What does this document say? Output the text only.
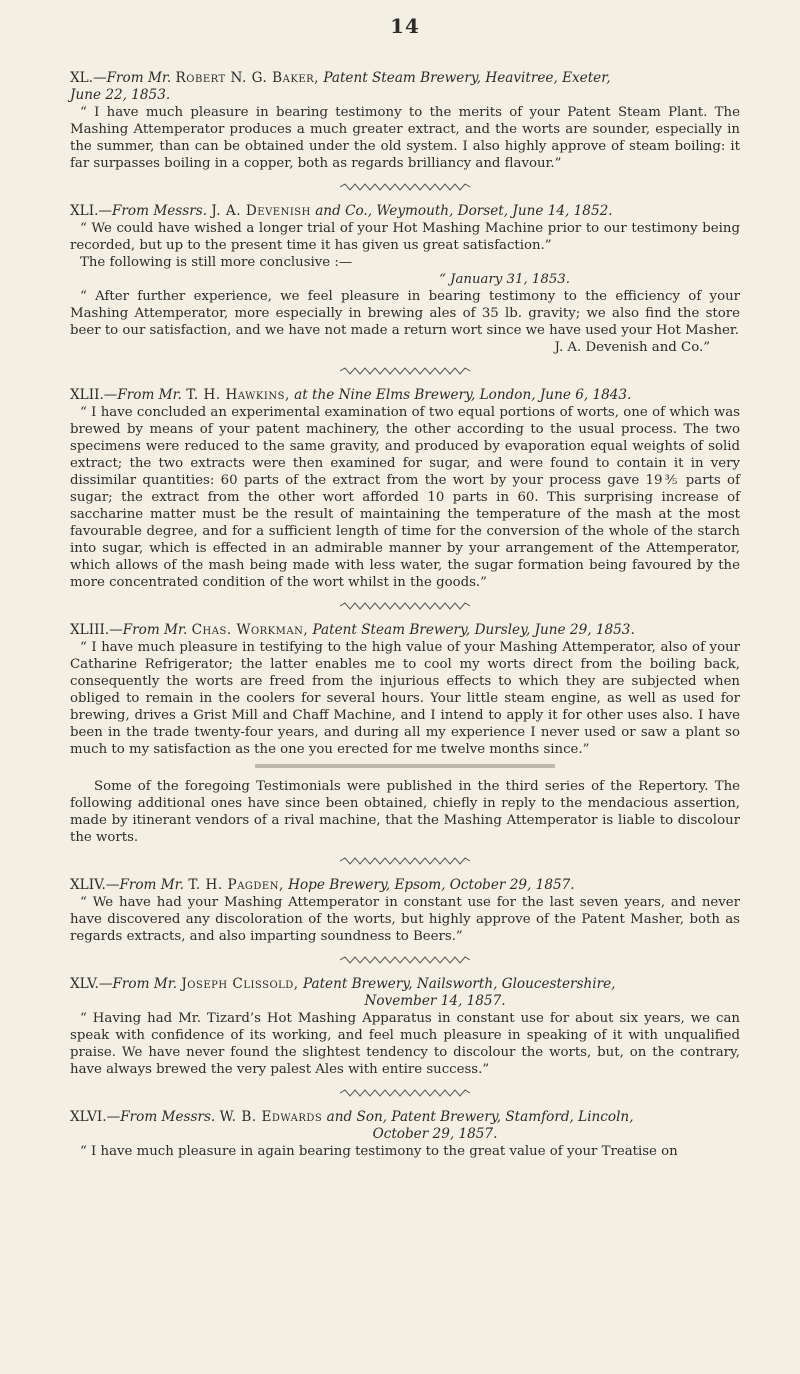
14

XL.—From Mr. Robert N. G. Baker, Patent Steam Brewery, Heavitree, Exeter,
June 22, 1853.

“ I have much pleasure in bearing testimony to the merits of your Patent Steam Plant. The Mashing Attemperator produces a much greater extract, and the worts are sounder, especially in the summer, than can be obtained under the old system. I also highly approve of steam boiling: it far surpasses boiling in a copper, both as regards brilliancy and flavour.”

XLI.—From Messrs. J. A. Devenish and Co., Weymouth, Dorset, June 14, 1852.

“ We could have wished a longer trial of your Hot Mashing Machine prior to our testimony being recorded, but up to the present time it has given us great satisfaction.”

The following is still more conclusive :—

“ January 31, 1853.

“ After further experience, we feel pleasure in bearing testimony to the efficiency of your Mashing Attemperator, more especially in brewing ales of 35 lb. gravity; we also find the store beer to our satisfaction, and we have not made a return wort since we have used your Hot Masher.

J. A. Devenish and Co.”

XLII.—From Mr. T. H. Hawkins, at the Nine Elms Brewery, London, June 6, 1843.

“ I have concluded an experimental examination of two equal portions of worts, one of which was brewed by means of your patent machinery, the other according to the usual process. The two specimens were reduced to the same gravity, and produced by evaporation equal weights of solid extract; the two extracts were then examined for sugar, and were found to contain it in very dissimilar quantities: 60 parts of the extract from the wort by your process gave 19⅗ parts of sugar; the extract from the other wort afforded 10 parts in 60. This surprising increase of saccharine matter must be the result of maintaining the temperature of the mash at the most favourable degree, and for a sufficient length of time for the conversion of the whole of the starch into sugar, which is effected in an admirable manner by your arrangement of the Attemperator, which allows of the mash being made with less water, the sugar formation being favoured by the more concentrated condition of the wort whilst in the goods.”

XLIII.—From Mr. Chas. Workman, Patent Steam Brewery, Dursley, June 29, 1853.

“ I have much pleasure in testifying to the high value of your Mashing Attemperator, also of your Catharine Refrigerator; the latter enables me to cool my worts direct from the boiling back, consequently the worts are freed from the injurious effects to which they are subjected when obliged to remain in the coolers for several hours. Your little steam engine, as well as used for brewing, drives a Grist Mill and Chaff Machine, and I intend to apply it for other uses also. I have been in the trade twenty-four years, and during all my experience I never used or saw a plant so much to my satisfaction as the one you erected for me twelve months since.”

Some of the foregoing Testimonials were published in the third series of the Repertory. The following additional ones have since been obtained, chiefly in reply to the mendacious assertion, made by itinerant vendors of a rival machine, that the Mashing Attemperator is liable to discolour the worts.

XLIV.—From Mr. T. H. Pagden, Hope Brewery, Epsom, October 29, 1857.

“ We have had your Mashing Attemperator in constant use for the last seven years, and never have discovered any discoloration of the worts, but highly approve of the Patent Masher, both as regards extracts, and also imparting soundness to Beers.”

XLV.—From Mr. Joseph Clissold, Patent Brewery, Nailsworth, Gloucestershire,
November 14, 1857.

“ Having had Mr. Tizard’s Hot Mashing Apparatus in constant use for about six years, we can speak with confidence of its working, and feel much pleasure in speaking of it with unqualified praise. We have never found the slightest tendency to discolour the worts, but, on the contrary, have always brewed the very palest Ales with entire success.”

XLVI.—From Messrs. W. B. Edwards and Son, Patent Brewery, Stamford, Lincoln,
October 29, 1857.

“ I have much pleasure in again bearing testimony to the great value of your Treatise on
